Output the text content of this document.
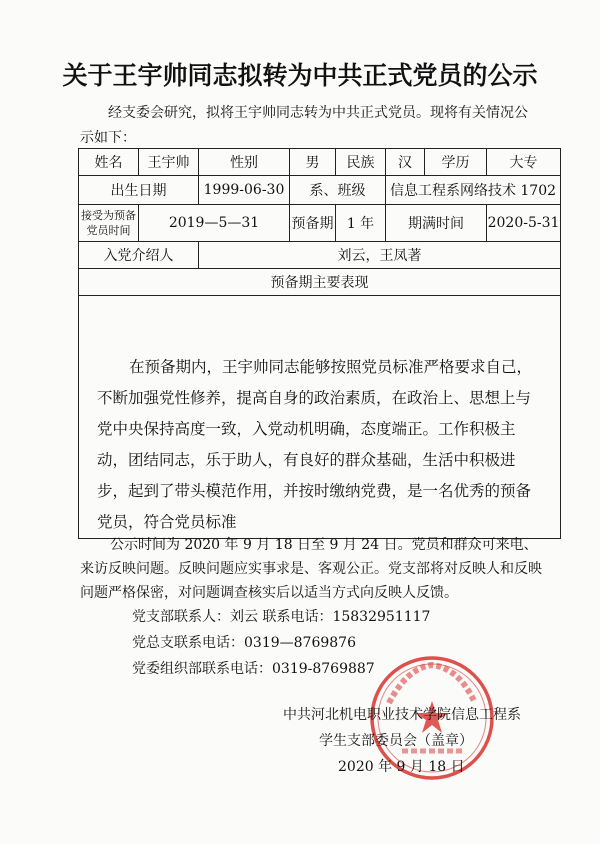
关于王宇帅同志拟转为中共正式党员的公示
经支委会研究，拟将王宇帅同志转为中共正式党员。现将有关情况公
示如下：
姓名	王宇帅	性别	男	民族	汉	学历	大专
出生日期		1999-06-30	系、班级		信息工程系网络技术 1702		

接受为预备
党员时间	2019—5—31		预备期	1 年	期满时间		2020-5-31
入党介绍人		刘云，王凤著					
预备期主要表现							

在预备期内，王宇帅同志能够按照党员标准严格要求自己，不断加强党性修养，提高自身的政治素质，在政治上、思想上与党中央保持高度一致，入党动机明确，态度端正。工作积极主动，团结同志，乐于助人，有良好的群众基础，生活中积极进步，起到了带头模范作用，并按时缴纳党费，是一名优秀的预备党员，符合党员标准							

公示时间为 2020 年 9 月 18 日至 9 月 24 日。党员和群众可来电、来访反映问题。反映问题应实事求是、客观公正。党支部将对反映人和反映问题严格保密，对问题调查核实后以适当方式向反映人反馈。

党支部联系人：刘云 联系电话：15832951117
党总支联系电话：0319—8769876
党委组织部联系电话：0319-8769887
中共河北机电职业技术学院信息工程系
学生支部委员会（盖章）
2020 年 9 月 18 日
